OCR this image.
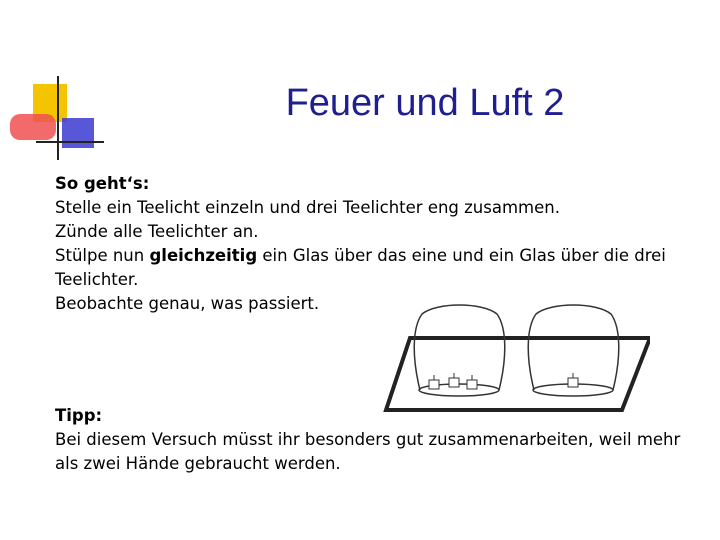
Feuer und Luft 2

So geht‘s:

Stelle ein Teelicht einzeln und drei Teelichter eng zusammen.

Zünde alle Teelichter an.

Stülpe nun gleichzeitig ein Glas über das eine und ein Glas über die drei Teelichter.

Beobachte genau, was passiert.

Tipp:

Bei diesem Versuch müsst ihr besonders gut zusammenarbeiten, weil mehr als zwei Hände gebraucht werden.
